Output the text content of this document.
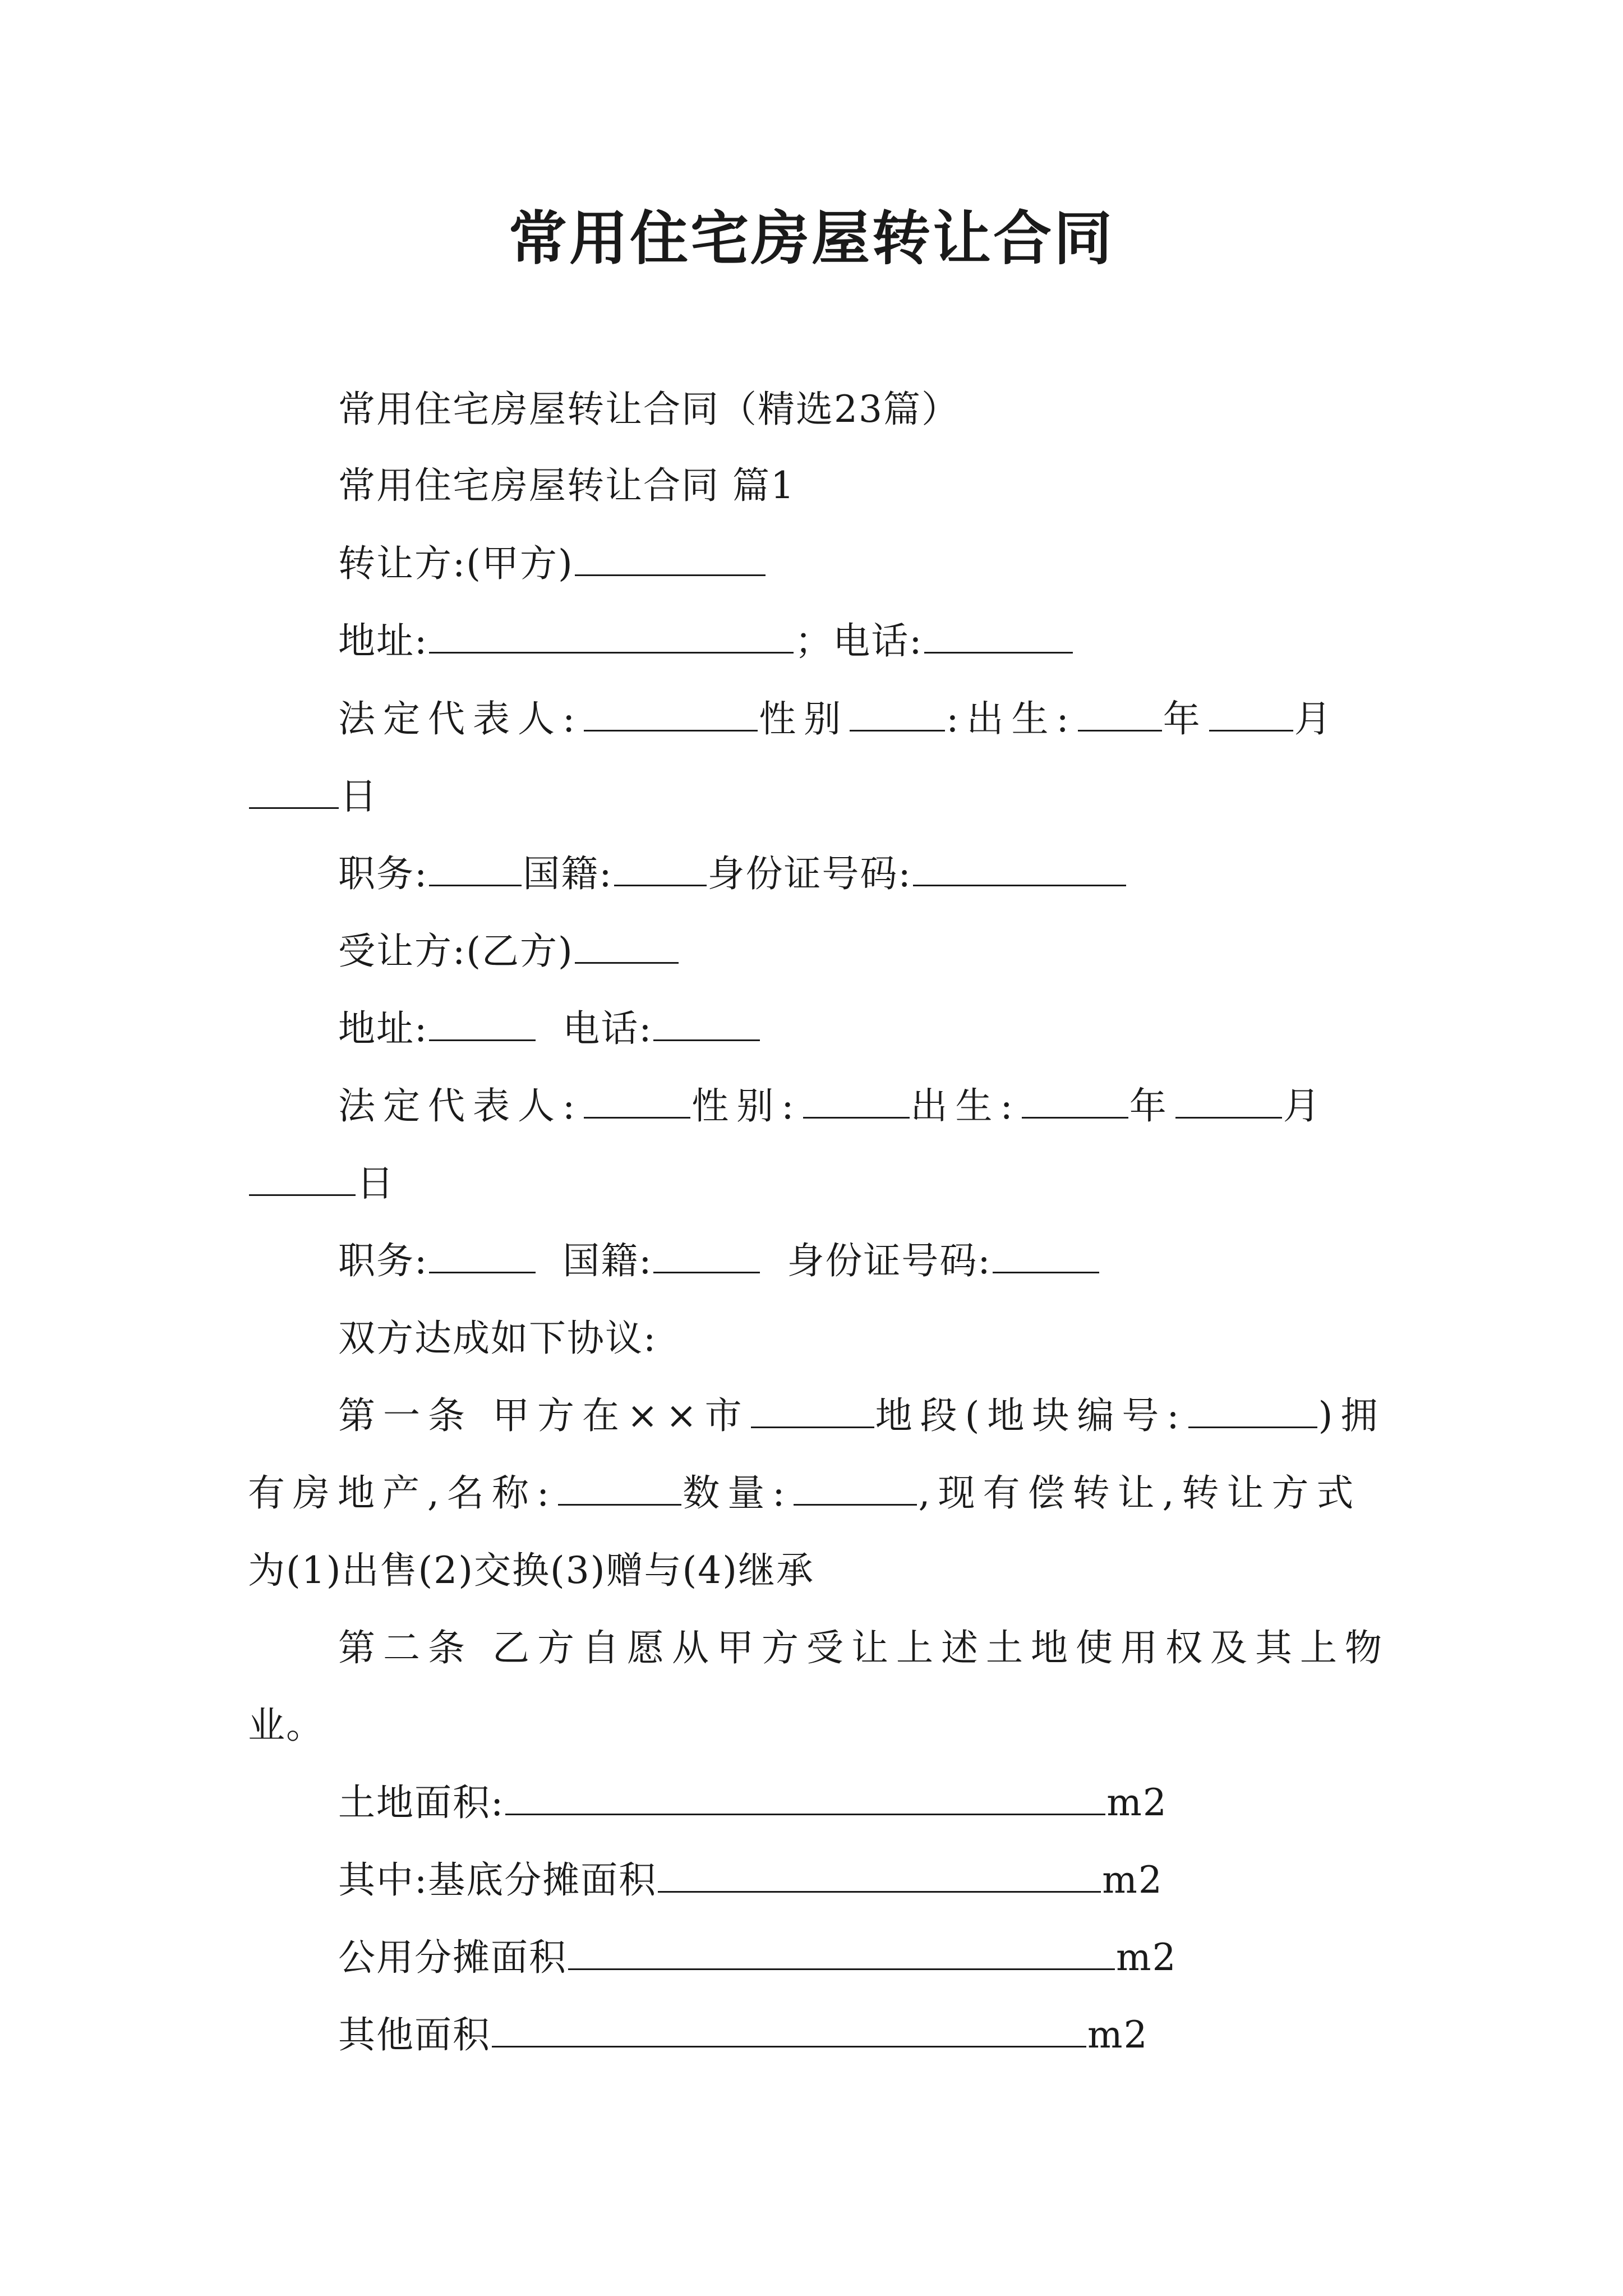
常用住宅房屋转让合同
常用住宅房屋转让合同（精选23篇）
常用住宅房屋转让合同 篇1
转让方:(甲方)
地址:	；电话:
法定代表人:	性别	:出生: 年 月
日
职务:	国籍:	身份证号码:
受让方:(乙方)
地址:	电话:
法定代表人:	性别:	出生:	年	月
日
职务:	国籍:	身份证号码:
双方达成如下协议:
第一条 甲方在××市	地段(地块编号:	)拥
有房地产,名称:	数量:	,现有偿转让,转让方式
为(1)出售(2)交换(3)赠与(4)继承
第二条 乙方自愿从甲方受让上述土地使用权及其上物
业。
土地面积:	m2
其中:基底分摊面积	m2
公用分摊面积	m2
其他面积	m2
